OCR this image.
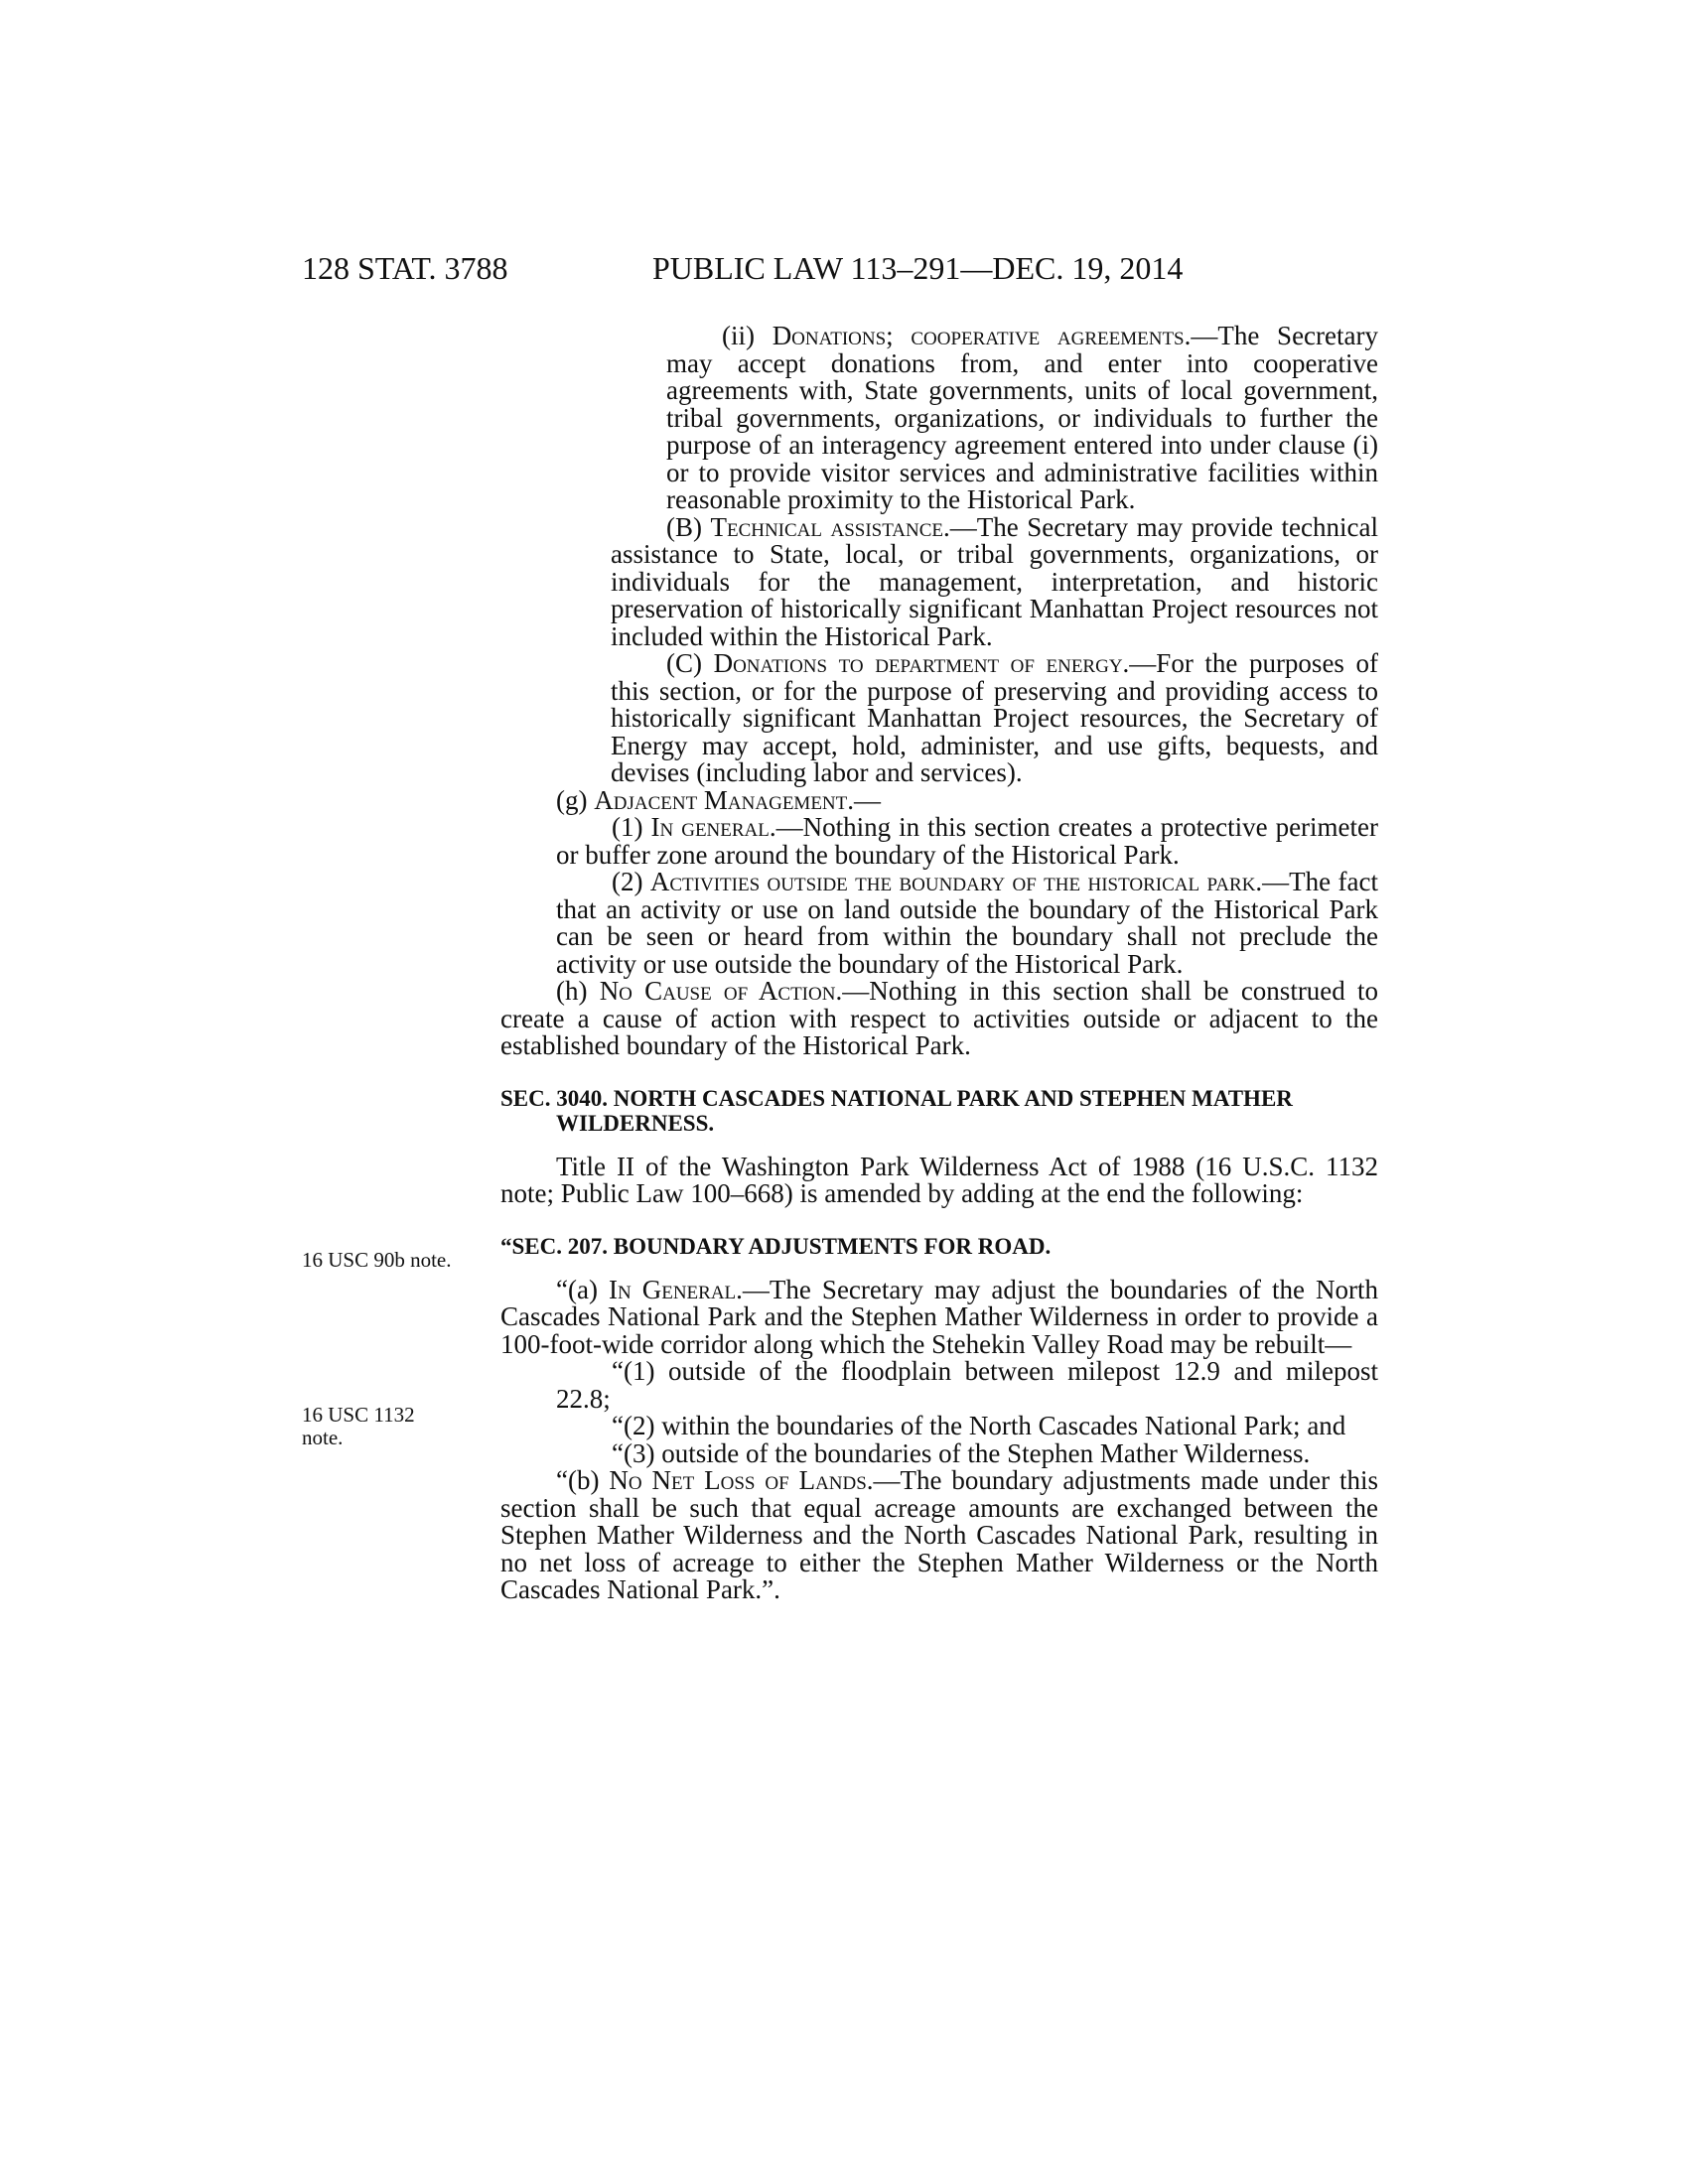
128 STAT. 3788	PUBLIC LAW 113–291—DEC. 19, 2014
16 USC 90b note.
16 USC 1132
note.

(ii) Donations; cooperative agreements.—The Secretary may accept donations from, and enter into cooperative agreements with, State governments, units of local government, tribal governments, organizations, or individuals to further the purpose of an interagency agreement entered into under clause (i) or to provide visitor services and administrative facilities within reasonable proximity to the Historical Park.

(B) Technical assistance.—The Secretary may provide technical assistance to State, local, or tribal governments, organizations, or individuals for the management, interpretation, and historic preservation of historically significant Manhattan Project resources not included within the Historical Park.

(C) Donations to department of energy.—For the purposes of this section, or for the purpose of preserving and providing access to historically significant Manhattan Project resources, the Secretary of Energy may accept, hold, administer, and use gifts, bequests, and devises (including labor and services).

(g) Adjacent Management.—

(1) In general.—Nothing in this section creates a protective perimeter or buffer zone around the boundary of the Historical Park.

(2) Activities outside the boundary of the historical park.—The fact that an activity or use on land outside the boundary of the Historical Park can be seen or heard from within the boundary shall not preclude the activity or use outside the boundary of the Historical Park.

(h) No Cause of Action.—Nothing in this section shall be construed to create a cause of action with respect to activities outside or adjacent to the established boundary of the Historical Park.

SEC. 3040. NORTH CASCADES NATIONAL PARK AND STEPHEN MATHER WILDERNESS.

Title II of the Washington Park Wilderness Act of 1988 (16 U.S.C. 1132 note; Public Law 100–668) is amended by adding at the end the following:

“SEC. 207. BOUNDARY ADJUSTMENTS FOR ROAD.

“(a) In General.—The Secretary may adjust the boundaries of the North Cascades National Park and the Stephen Mather Wilderness in order to provide a 100-foot-wide corridor along which the Stehekin Valley Road may be rebuilt—

“(1) outside of the floodplain between milepost 12.9 and milepost 22.8;

“(2) within the boundaries of the North Cascades National Park; and

“(3) outside of the boundaries of the Stephen Mather Wilderness.

“(b) No Net Loss of Lands.—The boundary adjustments made under this section shall be such that equal acreage amounts are exchanged between the Stephen Mather Wilderness and the North Cascades National Park, resulting in no net loss of acreage to either the Stephen Mather Wilderness or the North Cascades National Park.”.
